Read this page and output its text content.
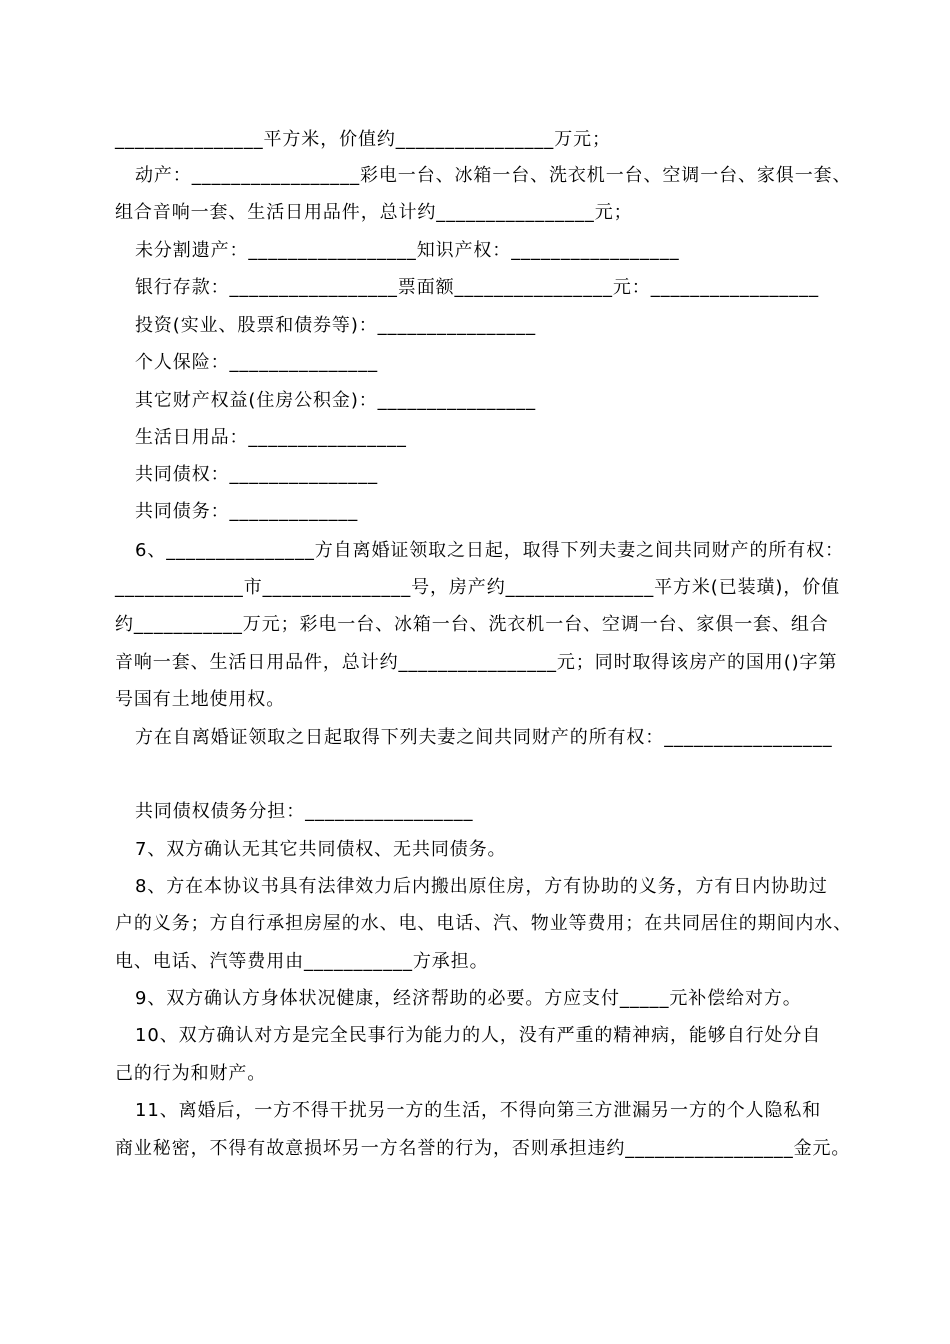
_______________平方米，价值约________________万元；
动产：_________________彩电一台、冰箱一台、洗衣机一台、空调一台、家俱一套、
组合音响一套、生活日用品件，总计约________________元；
未分割遗产：_________________知识产权：_________________
银行存款：_________________票面额________________元：_________________
投资(实业、股票和债券等)：________________
个人保险：_______________
其它财产权益(住房公积金)：________________
生活日用品：________________
共同债权：_______________
共同债务：_____________
6、_______________方自离婚证领取之日起，取得下列夫妻之间共同财产的所有权：
_____________市_______________号，房产约_______________平方米(已装璜)，价值
约___________万元；彩电一台、冰箱一台、洗衣机一台、空调一台、家俱一套、组合
音响一套、生活日用品件，总计约________________元；同时取得该房产的国用()字第
号国有土地使用权。
方在自离婚证领取之日起取得下列夫妻之间共同财产的所有权：_________________
共同债权债务分担：_________________
7、双方确认无其它共同债权、无共同债务。
8、方在本协议书具有法律效力后内搬出原住房，方有协助的义务，方有日内协助过
户的义务；方自行承担房屋的水、电、电话、汽、物业等费用；在共同居住的期间内水、
电、电话、汽等费用由___________方承担。
9、双方确认方身体状况健康，经济帮助的必要。方应支付_____元补偿给对方。
10、双方确认对方是完全民事行为能力的人，没有严重的精神病，能够自行处分自
己的行为和财产。
11、离婚后，一方不得干扰另一方的生活，不得向第三方泄漏另一方的个人隐私和
商业秘密，不得有故意损坏另一方名誉的行为，否则承担违约_________________金元。
